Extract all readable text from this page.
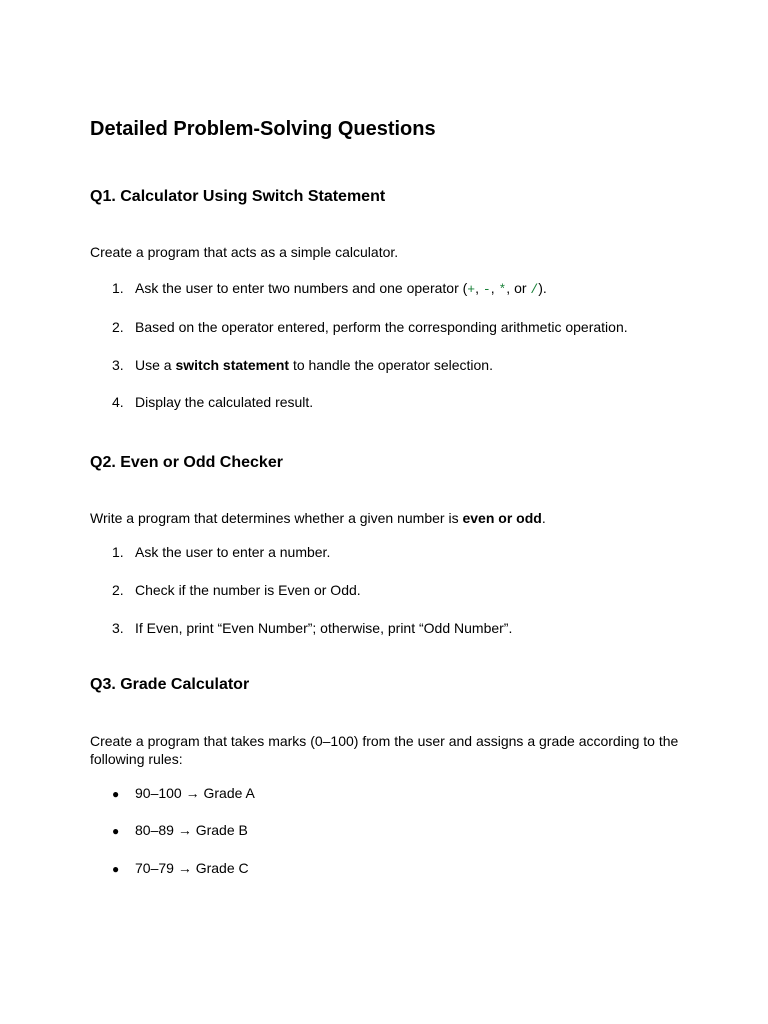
Detailed Problem-Solving Questions
Q1. Calculator Using Switch Statement

Create a program that acts as a simple calculator.

1. Ask the user to enter two numbers and one operator (+, -, *, or /).
2. Based on the operator entered, perform the corresponding arithmetic operation.
3. Use a switch statement to handle the operator selection.
4. Display the calculated result.
Q2. Even or Odd Checker

Write a program that determines whether a given number is even or odd.

1. Ask the user to enter a number.
2. Check if the number is Even or Odd.
3. If Even, print “Even Number”; otherwise, print “Odd Number”.
Q3. Grade Calculator

Create a program that takes marks (0–100) from the user and assigns a grade according to the following rules:

● 90–100 → Grade A
● 80–89 → Grade B
● 70–79 → Grade C
